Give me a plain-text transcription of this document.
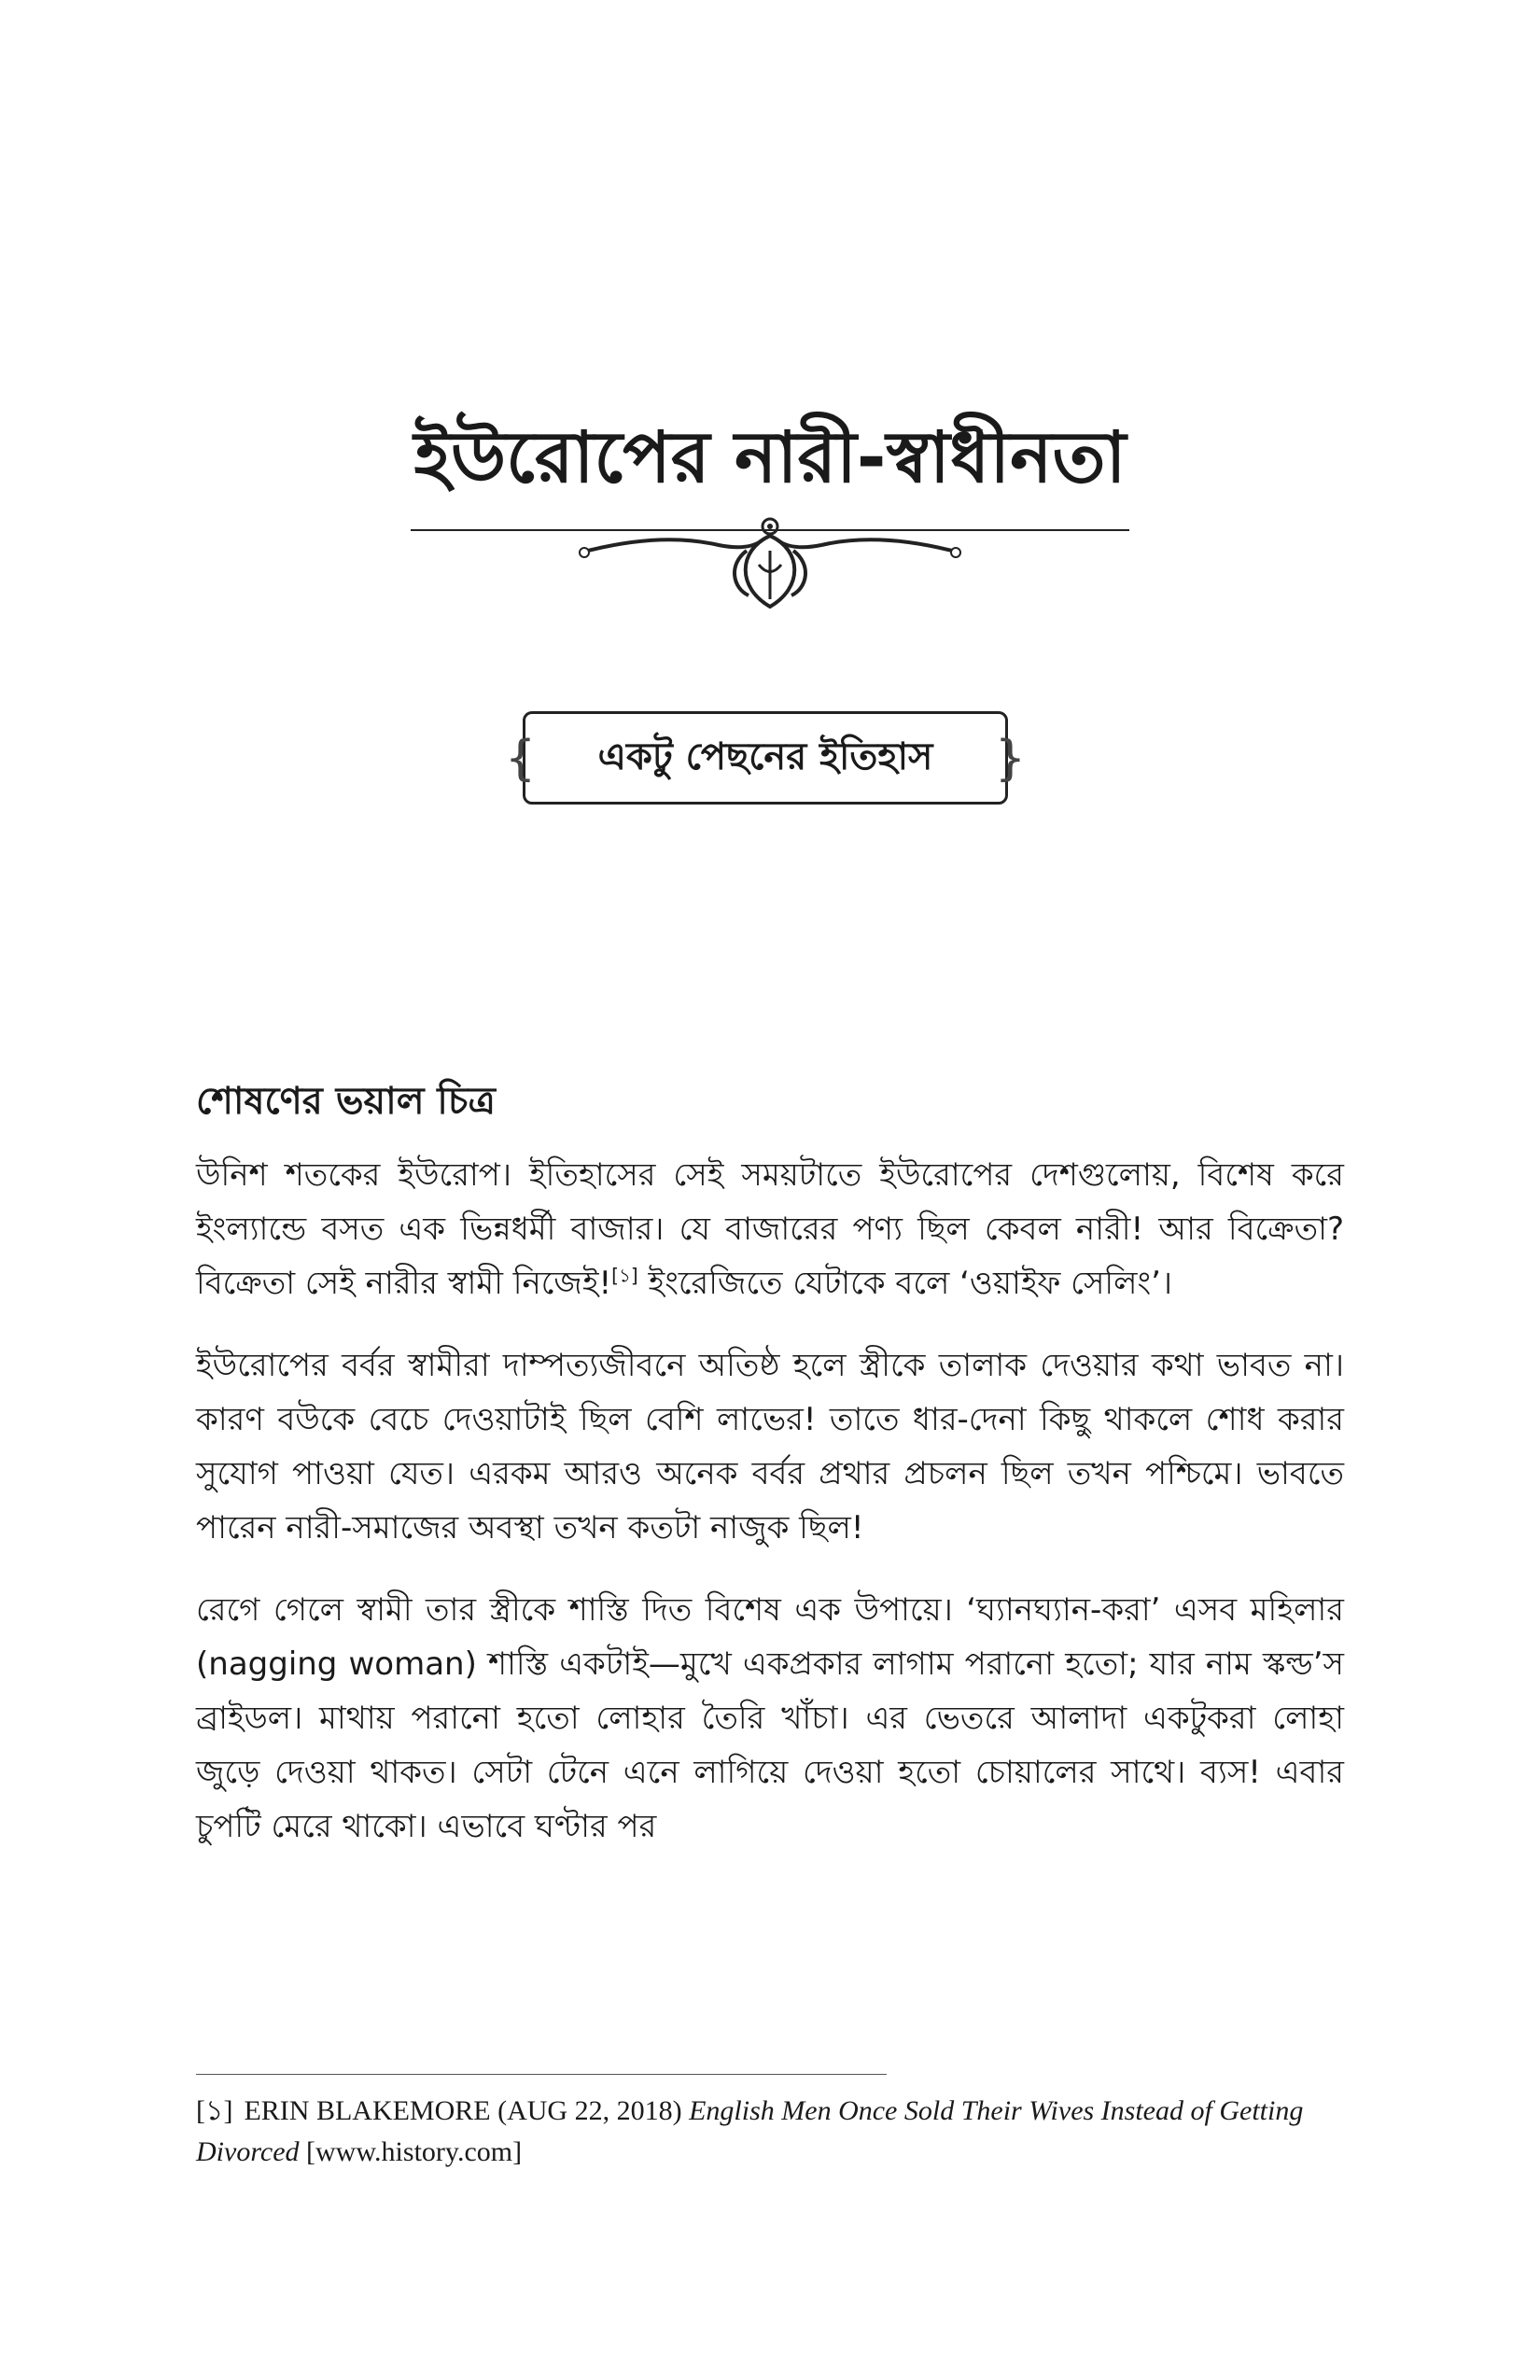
ইউরোপের নারী-স্বাধীনতা
{ একটু পেছনের ইতিহাস }
শোষণের ভয়াল চিত্র

উনিশ শতকের ইউরোপ। ইতিহাসের সেই সময়টাতে ইউরোপের দেশগুলোয়, বিশেষ করে ইংল্যান্ডে বসত এক ভিন্নধর্মী বাজার। যে বাজারের পণ্য ছিল কেবল নারী! আর বিক্রেতা? বিক্রেতা সেই নারীর স্বামী নিজেই![১] ইংরেজিতে যেটাকে বলে ‘ওয়াইফ সেলিং’।

ইউরোপের বর্বর স্বামীরা দাম্পত্যজীবনে অতিষ্ঠ হলে স্ত্রীকে তালাক দেওয়ার কথা ভাবত না। কারণ বউকে বেচে দেওয়াটাই ছিল বেশি লাভের! তাতে ধার-দেনা কিছু থাকলে শোধ করার সুযোগ পাওয়া যেত। এরকম আরও অনেক বর্বর প্রথার প্রচলন ছিল তখন পশ্চিমে। ভাবতে পারেন নারী-সমাজের অবস্থা তখন কতটা নাজুক ছিল!

রেগে গেলে স্বামী তার স্ত্রীকে শাস্তি দিত বিশেষ এক উপায়ে। ‘ঘ্যানঘ্যান-করা’ এসব মহিলার (nagging woman) শাস্তি একটাই—মুখে একপ্রকার লাগাম পরানো হতো; যার নাম স্কল্ড’স ব্রাইডল। মাথায় পরানো হতো লোহার তৈরি খাঁচা। এর ভেতরে আলাদা একটুকরা লোহা জুড়ে দেওয়া থাকত। সেটা টেনে এনে লাগিয়ে দেওয়া হতো চোয়ালের সাথে। ব্যস! এবার চুপটি মেরে থাকো। এভাবে ঘণ্টার পর

[১] ERIN BLAKEMORE (AUG 22, 2018) English Men Once Sold Their Wives Instead of Getting Divorced [www.history.com]
